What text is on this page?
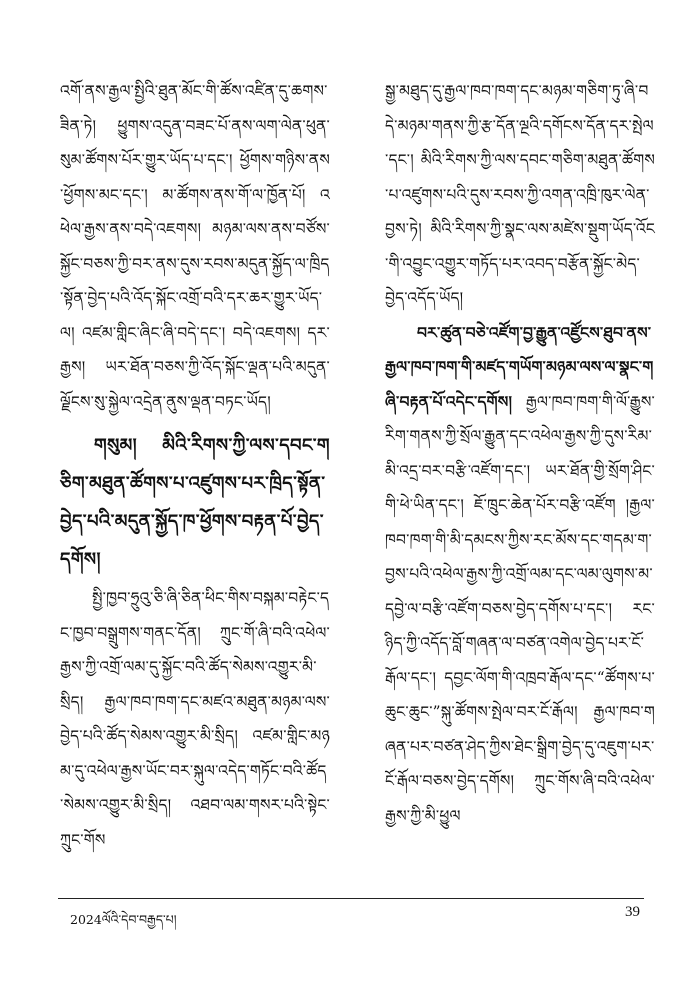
འགོ་ནས་རྒྱལ་སྤྱིའི་ཐུན་མོང་གི་ཚོས་འཛིན་དུ་ཆགས་ཟིན་ཏེ། ཕྱུགས་འདུན་བཟང་པོ་ནས་ལག་ལེན་ཕུན་སུམ་ཚོགས་པོར་གྱུར་ཡོད་པ་དང་། ཕྱོགས་གཉིས་ནས་ཕྱོགས་མང་དང་། མ་ཚོགས་ནས་གོ་ལ་ཁྱོན་པོ། འཕེལ་རྒྱས་ནས་བདེ་འཇགས། མཉམ་ལས་ནས་བཙོས་སྐྱོང་བཅས་ཀྱི་བར་ནས་དུས་རབས་མདུན་སྐྱོད་ལ་ཁྲིད་སྟོན་བྱེད་པའི་འོད་སྐོང་འགྲོ་བའི་དར་ཆར་གྱུར་ཡོད་ལ། འཛམ་གླིང་ཞིང་ཞི་བདེ་དང་། བདེ་འཇགས། དར་རྒྱས། ཡར་ཐོན་བཅས་ཀྱི་འོད་སྐོང་ལྡན་པའི་མདུན་ལྗོངས་སུ་སྐྱེལ་འདྲེན་ནུས་ལྡན་བཏང་ཡོད།

གསུམ། མིའི་རིགས་ཀྱི་ལས་དབང་གཅིག་མཐུན་ཚོགས་པ་འཛུགས་པར་ཁྲིད་སྟོན་བྱེད་པའི་མདུན་སྐྱོད་ཁ་ཕྱོགས་བརྟན་པོ་བྱེད་དགོས།

སྤྱི་ཁྱབ་ཧྲུའུ་ཅི་ཞི་ཅིན་ཕིང་གིས་བསྐམ་བརྟེང་དང་ཁྱབ་བསྒྲུགས་གནང་དོན། ཀྲུང་གོ་ཞི་བའི་འཕེལ་རྒྱས་ཀྱི་འགྲོ་ལམ་དུ་སྐྱོང་བའི་ཚོད་སེམས་འགྱུར་མི་སྲིད། རྒྱལ་ཁབ་ཁག་དང་མཛའ་མཐུན་མཉམ་ལས་བྱེད་པའི་ཚོད་སེམས་འགྱུར་མི་སྲིད། འཛམ་གླིང་མཉམ་དུ་འཕེལ་རྒྱས་ཡོང་བར་སྐུལ་འདེད་གཏོང་བའི་ཚོད་སེམས་འགྱུར་མི་སྲིད། འཐབ་ལམ་གསར་པའི་སྟེང་ཀྲུང་གོས

སྒྱ་མཐུད་དུ་རྒྱལ་ཁབ་ཁག་དང་མཉམ་གཅིག་ཏུ་ཞི་བདེ་མཉམ་གནས་ཀྱི་རྩ་དོན་ལྔའི་དགོངས་དོན་དར་སྤེལ་དང་། མིའི་རིགས་ཀྱི་ལས་དབང་གཅིག་མཐུན་ཚོགས་པ་འཛུགས་པའི་དུས་རབས་ཀྱི་འགན་འཁྲི་ཁུར་ལེན་བྱས་ཏེ། མིའི་རིགས་ཀྱི་སྣང་ལས་མཛེས་སྡུག་ཡོད་འོང་གི་འབྱུང་འགྱུར་གཏོད་པར་འབད་བརྩོན་སྐྱོང་མེད་བྱེད་འདོད་ཡོད།

བར་ཚུན་བཅེ་འཛོག་བྱ་རྒྱུན་འཛྱོངས་ཐུབ་ནས་རྒྱལ་ཁབ་ཁག་གི་མཛད་གཡོག་མཉམ་ལས་ལ་སྣང་གཞི་བརྟན་པོ་འདེང་དགོས། རྒྱལ་ཁབ་ཁག་གི་ལོ་རྒྱུས་རིག་གནས་ཀྱི་སྲོལ་རྒྱུན་དང་འཕེལ་རྒྱས་ཀྱི་དུས་རིམ་མི་འདྲ་བར་བརྩི་འཛོག་དང་། ཡར་ཐོན་གྱི་སྲོག་ཤིང་གི་ཕེ་ཡིན་དང་། ཇོ་ཁྲུང་ཆེན་པོར་བརྩི་འཛོག །རྒྱལ་ཁབ་ཁག་གི་མི་དམངས་ཀྱིས་རང་མོས་དང་གདམ་ག་བྱས་པའི་འཕེལ་རྒྱས་ཀྱི་འགྲོ་ལམ་དང་ལམ་ལུགས་མ་དབྱེ་ལ་བརྩི་འཛོག་བཅས་བྱེད་དགོས་པ་དང་། རང་ཉིད་ཀྱི་འདོད་བློ་གཞན་ལ་བཙན་འགེལ་བྱེད་པར་ངོ་རྒོལ་དང་། དབྱང་ལོག་གི་འཁྲབ་རྒོལ་དང་“ཚོགས་པ་ཆུང་ཆུང་”སྐུ་ཚོགས་སྤེལ་བར་ངོ་རྒོལ། རྒྱལ་ཁབ་གཞན་པར་བཙན་ཤེད་ཀྱིས་ཐེང་སྒྲིག་བྱེད་དུ་འཇུག་པར་ངོ་རྒོལ་བཅས་བྱེད་དགོས། ཀྲུང་གོས་ཞི་བའི་འཕེལ་རྒྱས་ཀྱི་མི་ཕྱུལ

2024ལོའི་དེབ་བརྒྱད་པ།	39
